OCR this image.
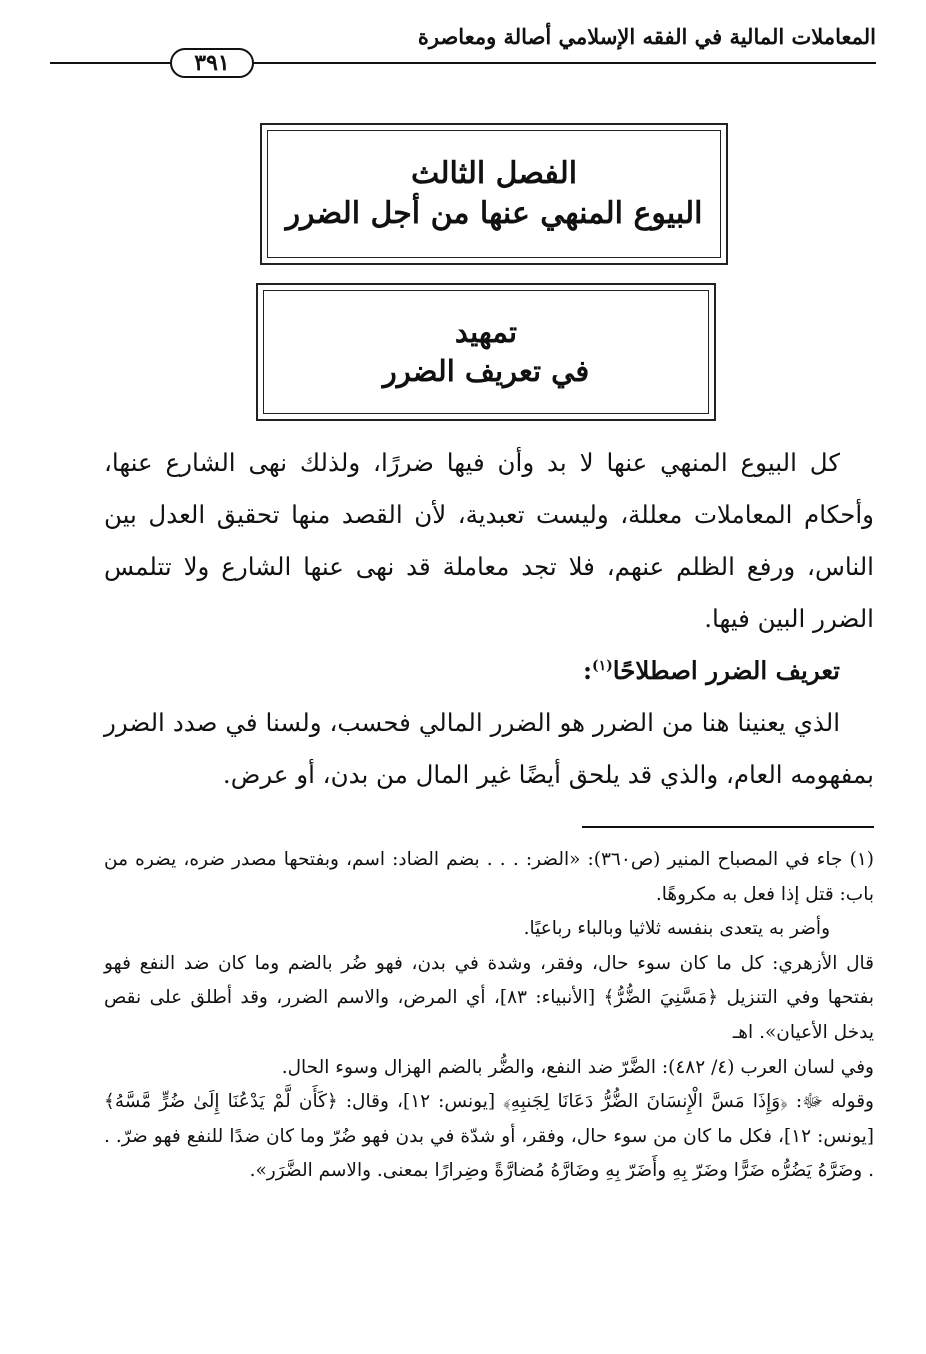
المعاملات المالية في الفقه الإسلامي أصالة ومعاصرة
٣٩١
الفصل الثالث
البيوع المنهي عنها من أجل الضرر
تمهيد
في تعريف الضرر

كل البيوع المنهي عنها لا بد وأن فيها ضررًا، ولذلك نهى الشارع عنها، وأحكام المعاملات معللة، وليست تعبدية، لأن القصد منها تحقيق العدل بين الناس، ورفع الظلم عنهم، فلا تجد معاملة قد نهى عنها الشارع ولا تتلمس الضرر البين فيها.

تعريف الضرر اصطلاحًا$^{(١)}$:

الذي يعنينا هنا من الضرر هو الضرر المالي فحسب، ولسنا في صدد الضرر بمفهومه العام، والذي قد يلحق أيضًا غير المال من بدن، أو عرض.

(١) جاء في المصباح المنير (ص٣٦٠): «الضر: . . . بضم الضاد: اسم، وبفتحها مصدر ضره، يضره من باب: قتل إذا فعل به مكروهًا.

وأضر به يتعدى بنفسه ثلاثيا وبالباء رباعيًا.

قال الأزهري: كل ما كان سوء حال، وفقر، وشدة في بدن، فهو ضُر بالضم وما كان ضد النفع فهو بفتحها وفي التنزيل ﴿مَسَّنِيَ الضُّرُّ﴾ [الأنبياء: ٨٣]، أي المرض، والاسم الضرر، وقد أطلق على نقص يدخل الأعيان». اهـ

وفي لسان العرب (٤/ ٤٨٢): الضَّرّ ضد النفع، والضُّر بالضم الهزال وسوء الحال.

وقوله ﷻ: ﴿وَإِذَا مَسَّ الْإِنسَانَ الضُّرُّ دَعَانَا لِجَنبِهِ﴾ [يونس: ١٢]، وقال: ﴿كَأَن لَّمْ يَدْعُنَا إِلَىٰ ضُرٍّ مَّسَّهُ﴾ [يونس: ١٢]، فكل ما كان من سوء حال، وفقر، أو شدّة في بدن فهو ضُرّ وما كان ضدًا للنفع فهو ضرّ. . . وضَرَّهُ يَضُرُّه ضَرًّا وضَرّ بِهِ وأَضَرّ بِهِ وضَارَّهُ مُضارَّةً وضِرارًا بمعنى. والاسم الضَّرَر».
